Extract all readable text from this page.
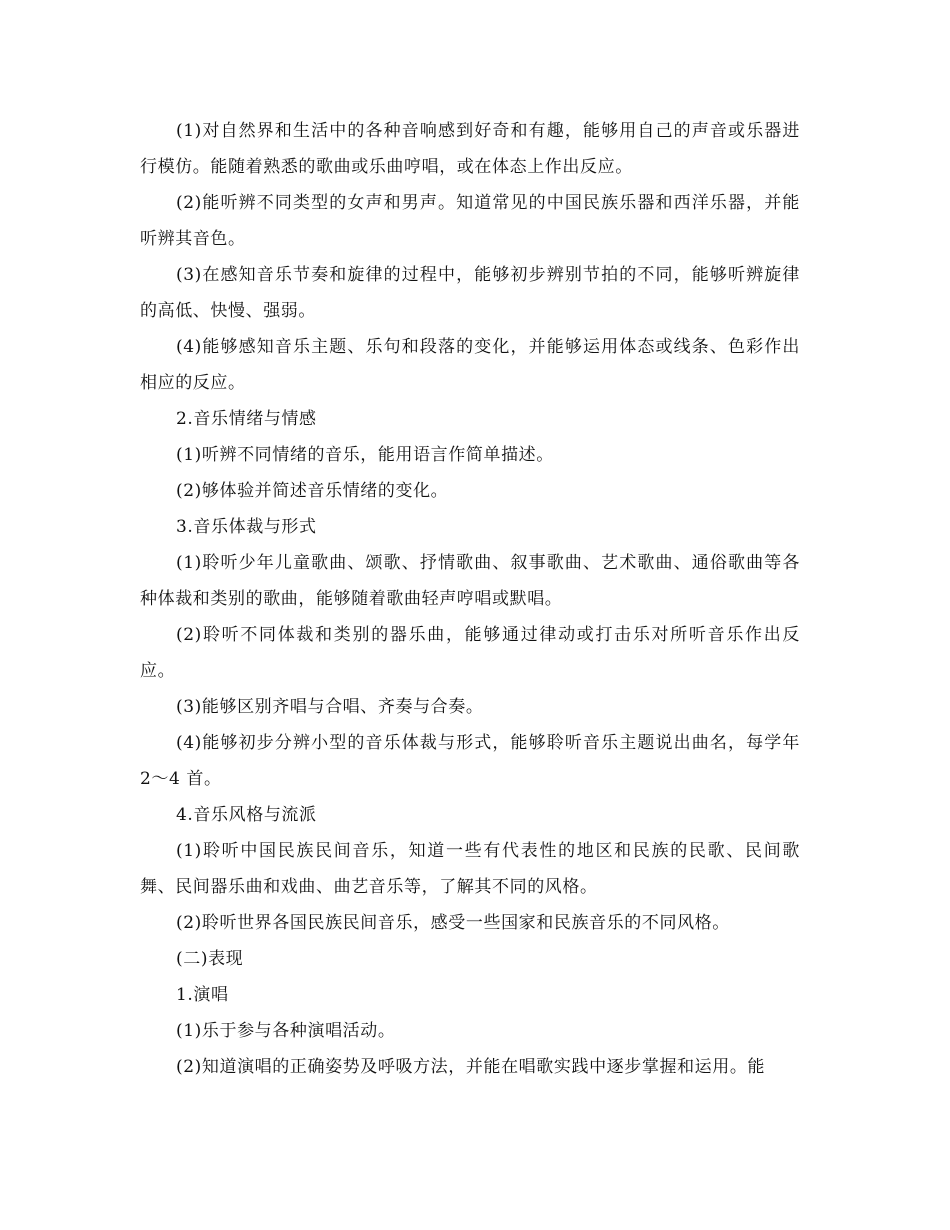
(1)对自然界和生活中的各种音响感到好奇和有趣，能够用自己的声音或乐器进行模仿。能随着熟悉的歌曲或乐曲哼唱，或在体态上作出反应。

(2)能听辨不同类型的女声和男声。知道常见的中国民族乐器和西洋乐器，并能听辨其音色。

(3)在感知音乐节奏和旋律的过程中，能够初步辨别节拍的不同，能够听辨旋律的高低、快慢、强弱。

(4)能够感知音乐主题、乐句和段落的变化，并能够运用体态或线条、色彩作出相应的反应。

2.音乐情绪与情感

(1)听辨不同情绪的音乐，能用语言作简单描述。

(2)够体验并简述音乐情绪的变化。

3.音乐体裁与形式

(1)聆听少年儿童歌曲、颂歌、抒情歌曲、叙事歌曲、艺术歌曲、通俗歌曲等各种体裁和类别的歌曲，能够随着歌曲轻声哼唱或默唱。

(2)聆听不同体裁和类别的器乐曲，能够通过律动或打击乐对所听音乐作出反应。

(3)能够区别齐唱与合唱、齐奏与合奏。

(4)能够初步分辨小型的音乐体裁与形式，能够聆听音乐主题说出曲名，每学年 2～4 首。

4.音乐风格与流派

(1)聆听中国民族民间音乐，知道一些有代表性的地区和民族的民歌、民间歌舞、民间器乐曲和戏曲、曲艺音乐等，了解其不同的风格。

(2)聆听世界各国民族民间音乐，感受一些国家和民族音乐的不同风格。

(二)表现

1.演唱

(1)乐于参与各种演唱活动。

(2)知道演唱的正确姿势及呼吸方法，并能在唱歌实践中逐步掌握和运用。能
